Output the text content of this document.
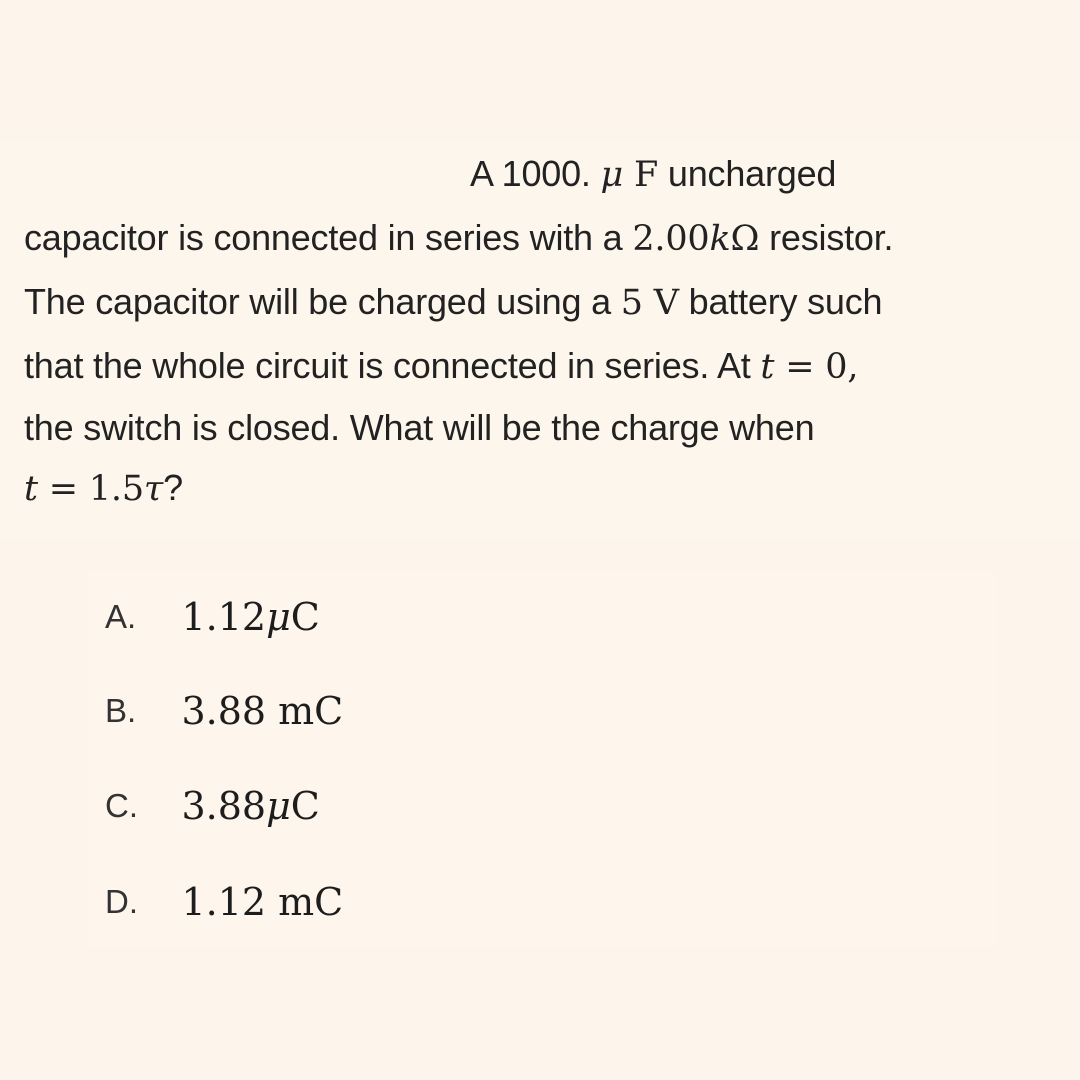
A 1000. μ F uncharged
capacitor is connected in series with a 2.00kΩ resistor.
The capacitor will be charged using a 5 V battery such
that the whole circuit is connected in series. At t = 0,
the switch is closed. What will be the charge when
t = 1.5τ?
A. 1.12μC
B. 3.88 mC
C. 3.88μC
D. 1.12 mC
